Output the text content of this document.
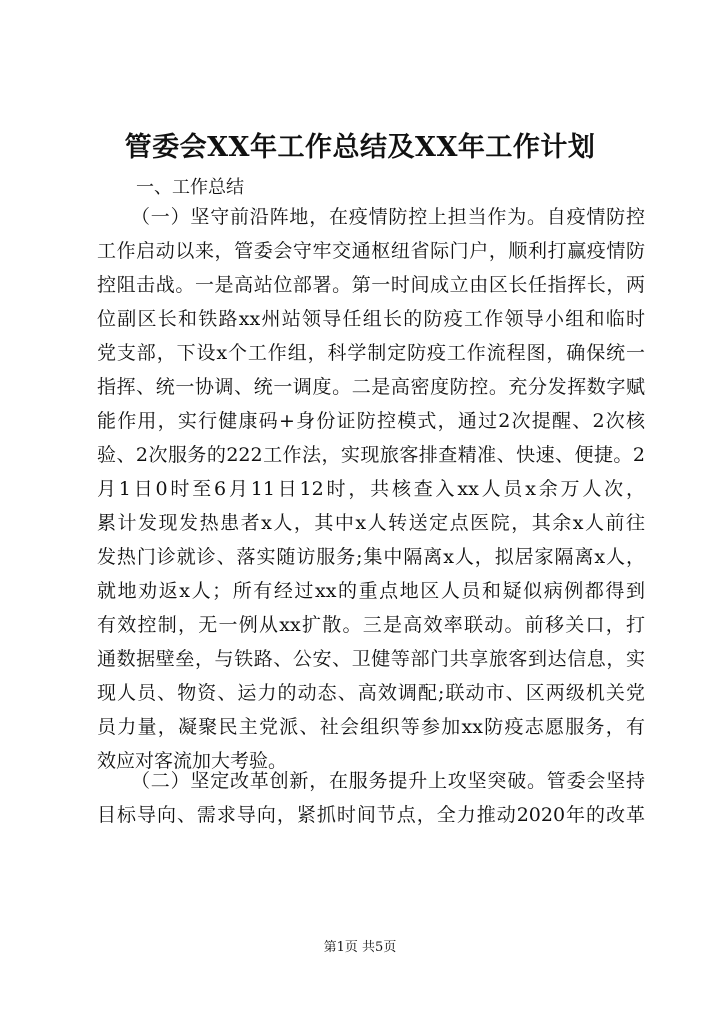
管委会XX年工作总结及XX年工作计划
一、工作总结
（一）坚守前沿阵地，在疫情防控上担当作为。自疫情防控
工作启动以来，管委会守牢交通枢纽省际门户，顺利打赢疫情防
控阻击战。一是高站位部署。第一时间成立由区长任指挥长，两
位副区长和铁路xx州站领导任组长的防疫工作领导小组和临时
党支部，下设x个工作组，科学制定防疫工作流程图，确保统一
指挥、统一协调、统一调度。二是高密度防控。充分发挥数字赋
能作用，实行健康码+身份证防控模式，通过2次提醒、2次核
验、2次服务的222工作法，实现旅客排查精准、快速、便捷。2
月1日0时至6月11日12时，共核查入xx人员x余万人次，
累计发现发热患者x人，其中x人转送定点医院，其余x人前往
发热门诊就诊、落实随访服务;集中隔离x人，拟居家隔离x人，
就地劝返x人；所有经过xx的重点地区人员和疑似病例都得到
有效控制，无一例从xx扩散。三是高效率联动。前移关口，打
通数据壁垒，与铁路、公安、卫健等部门共享旅客到达信息，实
现人员、物资、运力的动态、高效调配;联动市、区两级机关党
员力量，凝聚民主党派、社会组织等参加xx防疫志愿服务，有
效应对客流加大考验。
（二）坚定改革创新，在服务提升上攻坚突破。管委会坚持
目标导向、需求导向，紧抓时间节点，全力推动2020年的改革
第1页 共5页
